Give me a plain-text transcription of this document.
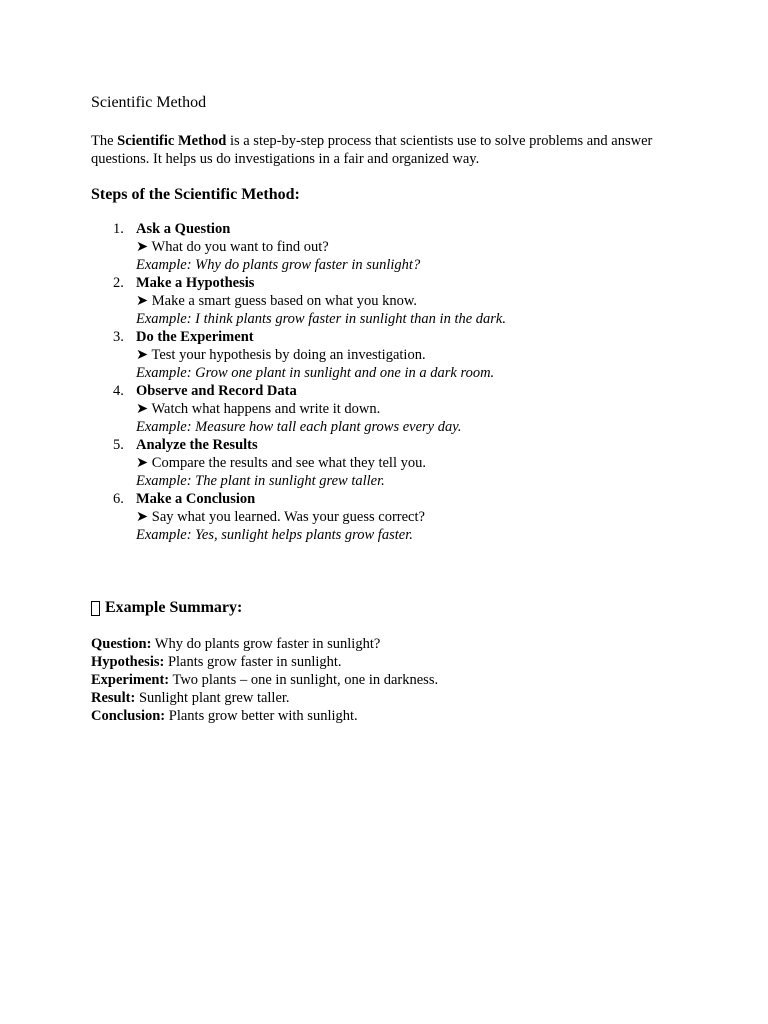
Scientific Method

The Scientific Method is a step-by-step process that scientists use to solve problems and answer questions. It helps us do investigations in a fair and organized way.

Steps of the Scientific Method:
1. Ask a Question
➤ What do you want to find out?
Example: Why do plants grow faster in sunlight?
2. Make a Hypothesis
➤ Make a smart guess based on what you know.
Example: I think plants grow faster in sunlight than in the dark.
3. Do the Experiment
➤ Test your hypothesis by doing an investigation.
Example: Grow one plant in sunlight and one in a dark room.
4. Observe and Record Data
➤ Watch what happens and write it down.
Example: Measure how tall each plant grows every day.
5. Analyze the Results
➤ Compare the results and see what they tell you.
Example: The plant in sunlight grew taller.
6. Make a Conclusion
➤ Say what you learned. Was your guess correct?
Example: Yes, sunlight helps plants grow faster.
Example Summary:
Question: Why do plants grow faster in sunlight?
Hypothesis: Plants grow faster in sunlight.
Experiment: Two plants – one in sunlight, one in darkness.
Result: Sunlight plant grew taller.
Conclusion: Plants grow better with sunlight.
